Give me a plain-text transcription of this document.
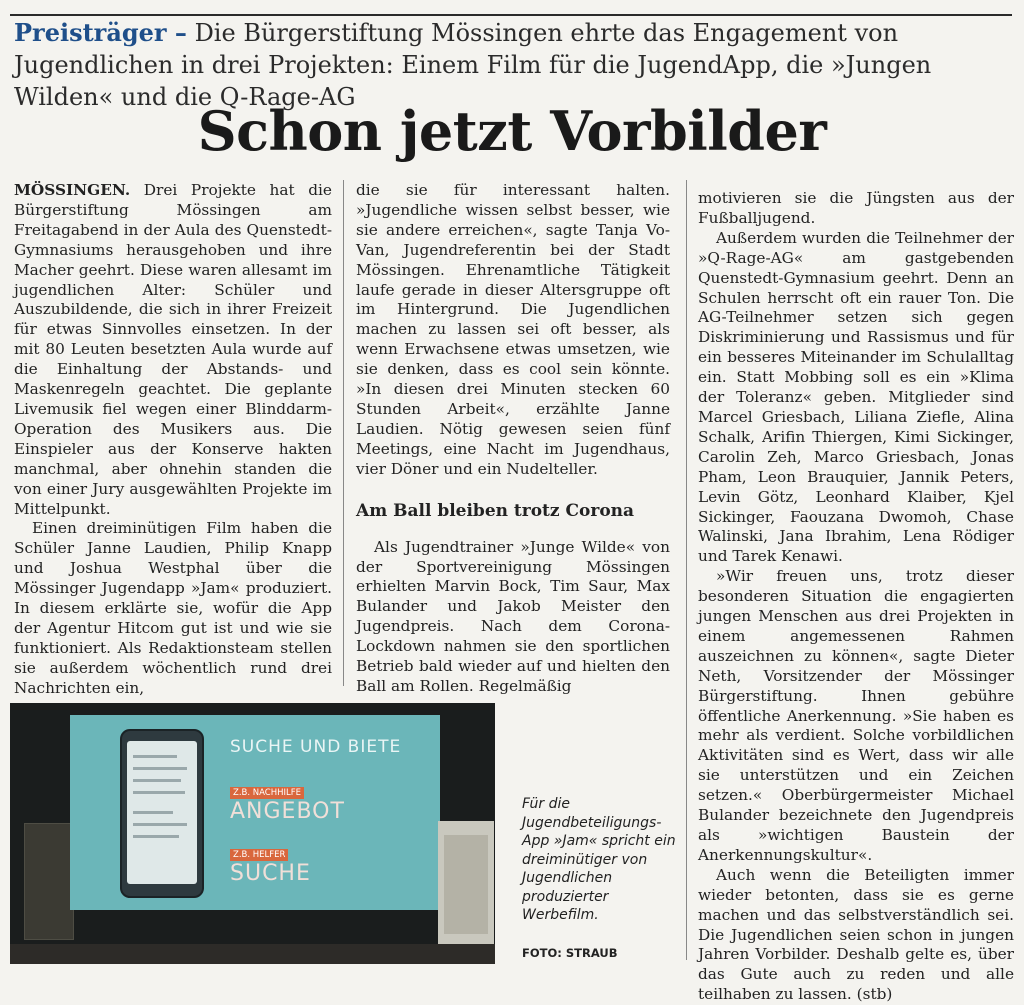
Preisträger – Die Bürgerstiftung Mössingen ehrte das Engagement von Jugendlichen in drei Projekten: Einem Film für die JugendApp, die »Jungen Wilden« und die Q-Rage-AG
Schon jetzt Vorbilder

MÖSSINGEN. Drei Projekte hat die Bürgerstiftung Mössingen am Freitagabend in der Aula des Quenstedt-Gymnasiums herausgehoben und ihre Macher geehrt. Diese waren allesamt im jugendlichen Alter: Schüler und Auszubildende, die sich in ihrer Freizeit für etwas Sinnvolles einsetzen. In der mit 80 Leuten besetzten Aula wurde auf die Einhaltung der Abstands- und Maskenregeln geachtet. Die geplante Livemusik fiel wegen einer Blinddarm-Operation des Musikers aus. Die Einspieler aus der Konserve hakten manchmal, aber ohnehin standen die von einer Jury ausgewählten Projekte im Mittelpunkt.

Einen dreiminütigen Film haben die Schüler Janne Laudien, Philip Knapp und Joshua Westphal über die Mössinger Jugendapp »Jam« produziert. In diesem erklärte sie, wofür die App der Agentur Hitcom gut ist und wie sie funktioniert. Als Redaktionsteam stellen sie außerdem wöchentlich rund drei Nachrichten ein,

die sie für interessant halten. »Jugendliche wissen selbst besser, wie sie andere erreichen«, sagte Tanja Vo-Van, Jugendreferentin bei der Stadt Mössingen. Ehrenamtliche Tätigkeit laufe gerade in dieser Altersgruppe oft im Hintergrund. Die Jugendlichen machen zu lassen sei oft besser, als wenn Erwachsene etwas umsetzen, wie sie denken, dass es cool sein könnte. »In diesen drei Minuten stecken 60 Stunden Arbeit«, erzählte Janne Laudien. Nötig gewesen seien fünf Meetings, eine Nacht im Jugendhaus, vier Döner und ein Nudelteller.

Am Ball bleiben trotz Corona

Als Jugendtrainer »Junge Wilde« von der Sportvereinigung Mössingen erhielten Marvin Bock, Tim Saur, Max Bulander und Jakob Meister den Jugendpreis. Nach dem Corona-Lockdown nahmen sie den sportlichen Betrieb bald wieder auf und hielten den Ball am Rollen. Regelmäßig

motivieren sie die Jüngsten aus der Fußballjugend.

Außerdem wurden die Teilnehmer der »Q-Rage-AG« am gastgebenden Quenstedt-Gymnasium geehrt. Denn an Schulen herrscht oft ein rauer Ton. Die AG-Teilnehmer setzen sich gegen Diskriminierung und Rassismus und für ein besseres Miteinander im Schulalltag ein. Statt Mobbing soll es ein »Klima der Toleranz« geben. Mitglieder sind Marcel Griesbach, Liliana Ziefle, Alina Schalk, Arifin Thiergen, Kimi Sickinger, Carolin Zeh, Marco Griesbach, Jonas Pham, Leon Brauquier, Jannik Peters, Levin Götz, Leonhard Klaiber, Kjel Sickinger, Faouzana Dwomoh, Chase Walinski, Jana Ibrahim, Lena Rödiger und Tarek Kenawi.

»Wir freuen uns, trotz dieser besonderen Situation die engagierten jungen Menschen aus drei Projekten in einem angemessenen Rahmen auszeichnen zu können«, sagte Dieter Neth, Vorsitzender der Mössinger Bürgerstiftung. Ihnen gebühre öffentliche Anerkennung. »Sie haben es mehr als verdient. Solche vorbildlichen Aktivitäten sind es Wert, dass wir alle sie unterstützen und ein Zeichen setzen.« Oberbürgermeister Michael Bulander bezeichnete den Jugendpreis als »wichtigen Baustein der Anerkennungskultur«.

Auch wenn die Beteiligten immer wieder betonten, dass sie es gerne machen und das selbstverständlich sei. Die Jugendlichen seien schon in jungen Jahren Vorbilder. Deshalb gelte es, über das Gute auch zu reden und alle teilhaben zu lassen. (stb)

SUCHE UND BIETE
Z.B. NACHHILFE
ANGEBOT
Z.B. HELFER
SUCHE
Für die Jugendbeteiligungs-App »Jam« spricht ein dreiminütiger von Jugendlichen produzierter Werbefilm.
FOTO: STRAUB
